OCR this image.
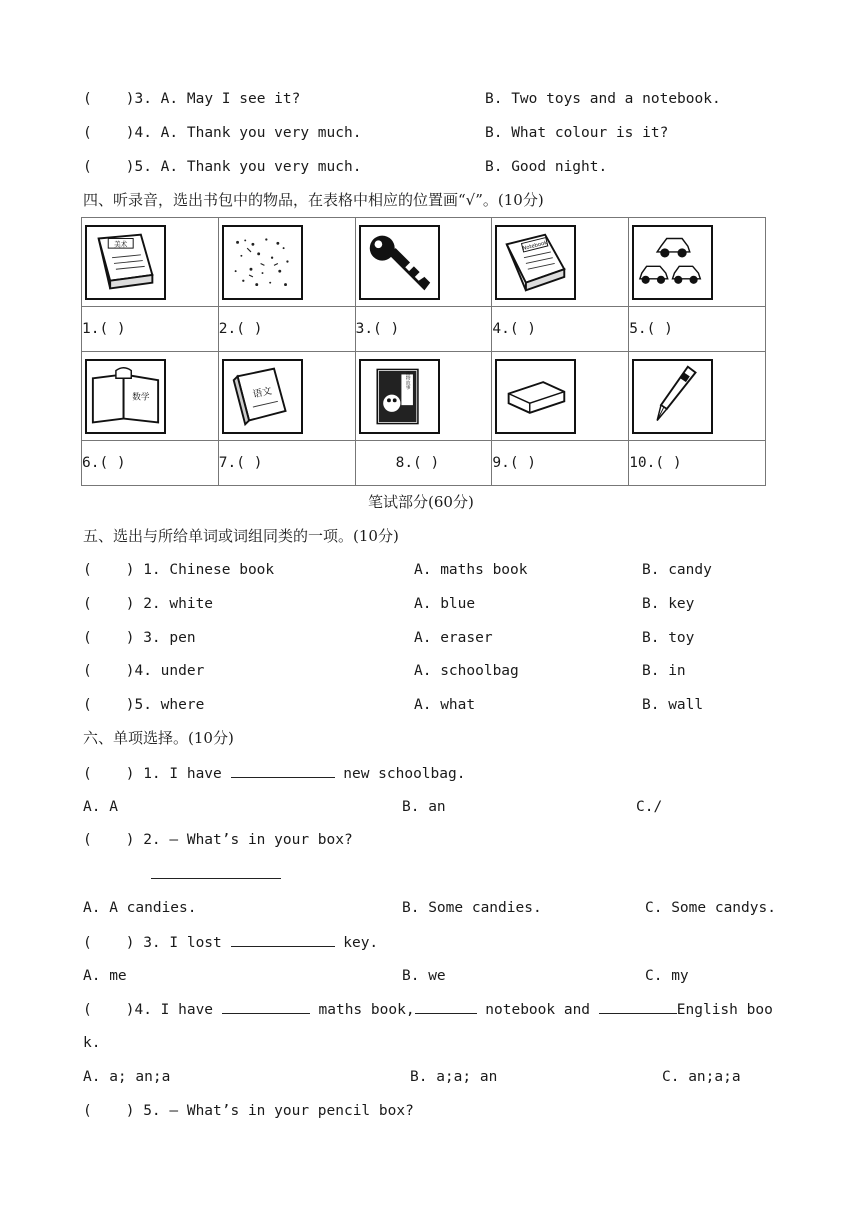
( )3. A. May I see it?	B. Two toys and a notebook.
( )4. A. Thank you very much.	B. What colour is it?
( )5. A. Thank you very much.	B. Good night.
四、听录音，选出书包中的物品，在表格中相应的位置画“√”。(10分)
美术			Notebook

1.( )	2.( )	3.( )	4.( )	5.( )

数学	语文	动物故事

6.( )	7.( )	8.( )	9.( )	10.( )
笔试部分(60分)
五、选出与所给单词或词组同类的一项。(10分)
( ) 1. Chinese book	A. maths book	B. candy
( ) 2. white	A. blue	B. key
( ) 3. pen	A. eraser	B. toy
( )4. under	A. schoolbag	B. in
( )5. where	A. what	B. wall
六、单项选择。(10分)
( ) 1. I have	new schoolbag.
A. A	B. an	C./
( ) 2. — What’s in your box?
A. A candies.	B. Some candies.	C. Some candys.
( ) 3. I lost	key.
A. me	B. we	C. my
( )4. I have	maths book,	notebook and	English boo
k.
A. a; an;a	B. a;a; an	C. an;a;a
( ) 5. — What’s in your pencil box?
